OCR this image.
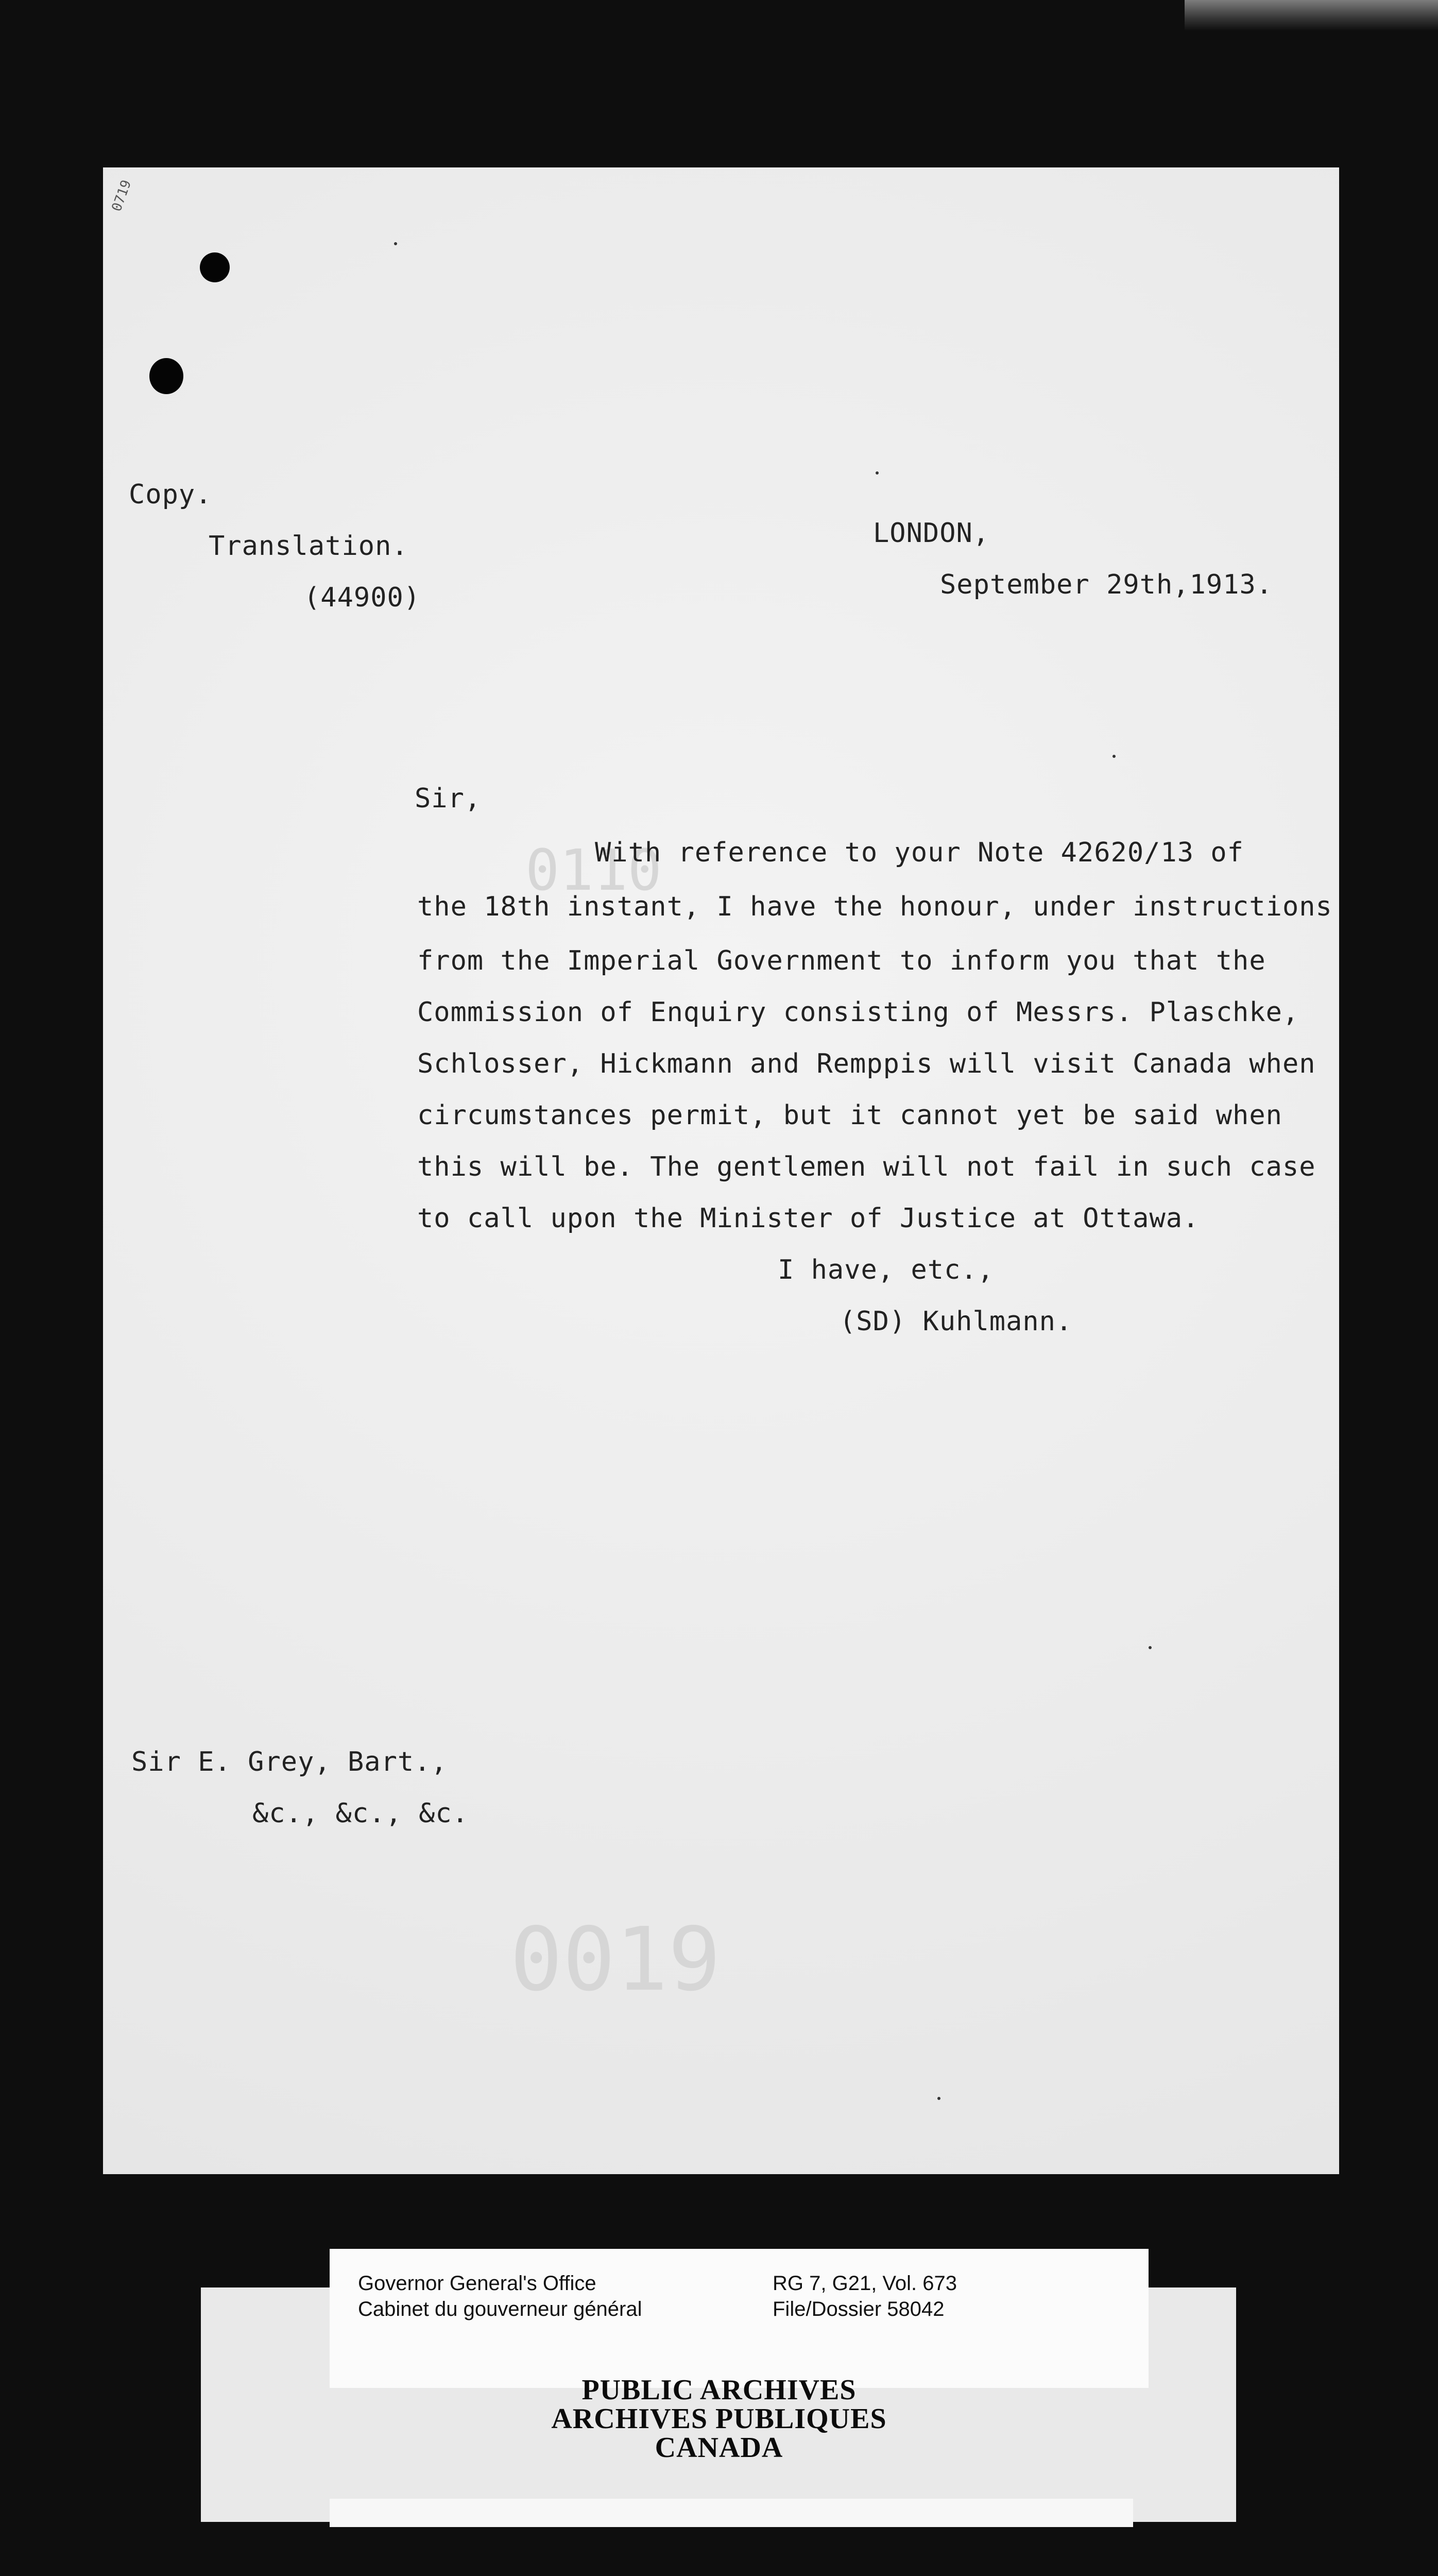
0719
0019
0110
Copy.
Translation.
(44900)
LONDON,
September 29th,1913.
Sir,
With reference to your Note 42620/13 of
the 18th instant, I have the honour, under instructions
from the Imperial Government to inform you that the
Commission of Enquiry consisting of Messrs. Plaschke,
Schlosser, Hickmann and Remppis will visit Canada when
circumstances permit, but it cannot yet be said when
this will be. The gentlemen will not fail in such case
to call upon the Minister of Justice at Ottawa.
I have, etc.,
(SD) Kuhlmann.
Sir E. Grey, Bart.,
&c., &c., &c.
Governor General's Office
Cabinet du gouverneur général
RG 7, G21, Vol. 673
File/Dossier 58042
PUBLIC ARCHIVES
ARCHIVES PUBLIQUES
CANADA
